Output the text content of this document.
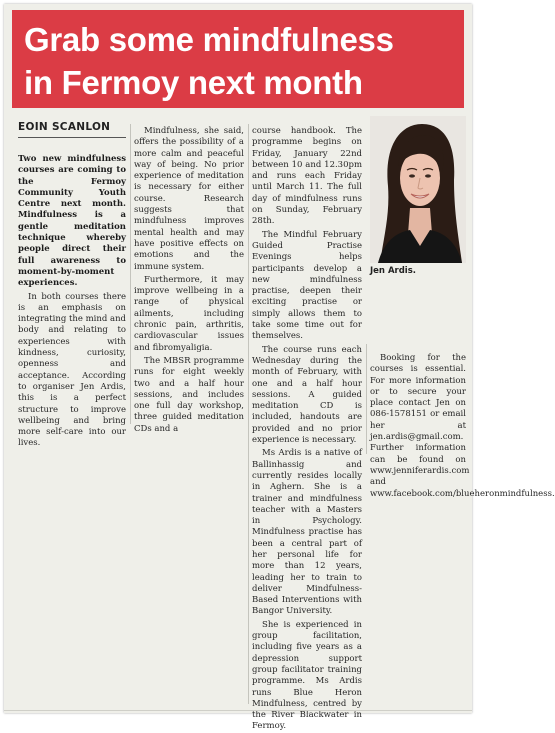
Grab some mindfulness
in Fermoy next month
EOIN SCANLON

Two new mindfulness courses are coming to the Fermoy Community Youth Centre next month. Mindfulness is a gentle meditation technique whereby people direct their full awareness to moment-by-moment experiences.

In both courses there is an emphasis on integrating the mind and body and relating to experiences with kindness, curiosity, openness and acceptance. According to organiser Jen Ardis, this is a perfect structure to improve wellbeing and bring more self-care into our lives.

Mindfulness, she said, offers the possibility of a more calm and peaceful way of being. No prior experience of meditation is necessary for either course. Research suggests that mindfulness improves mental health and may have positive effects on emotions and the immune system.

Furthermore, it may improve wellbeing in a range of physical ailments, including chronic pain, arthritis, cardiovascular issues and fibromyaligia.

The MBSR programme runs for eight weekly two and a half hour sessions, and includes one full day workshop, three guided meditation CDs and a

course handbook. The programme begins on Friday, January 22nd between 10 and 12.30pm and runs each Friday until March 11. The full day of mindfulness runs on Sunday, February 28th.

The Mindful February Guided Practise Evenings helps participants develop a new mindfulness practise, deepen their exciting practise or simply allows them to take some time out for themselves.

The course runs each Wednesday during the month of February, with one and a half hour sessions. A guided meditation CD is included, handouts are provided and no prior experience is necessary.

Ms Ardis is a native of Ballinhassig and currently resides locally in Aghern. She is a trainer and mindfulness teacher with a Masters in Psychology. Mindfulness practise has been a central part of her personal life for more than 12 years, leading her to train to deliver Mindfulness-Based Interventions with Bangor University.

She is experienced in group facilitation, including five years as a depression support group facilitator training programme. Ms Ardis runs Blue Heron Mindfulness, centred by the River Blackwater in Fermoy.

Jen Ardis.

Booking for the courses is essential. For more information or to secure your place contact Jen on 086-1578151 or email her at jen.ardis@gmail.com. Further information can be found on www.jenniferardis.com and www.facebook.com/blueheronmindfulness.
